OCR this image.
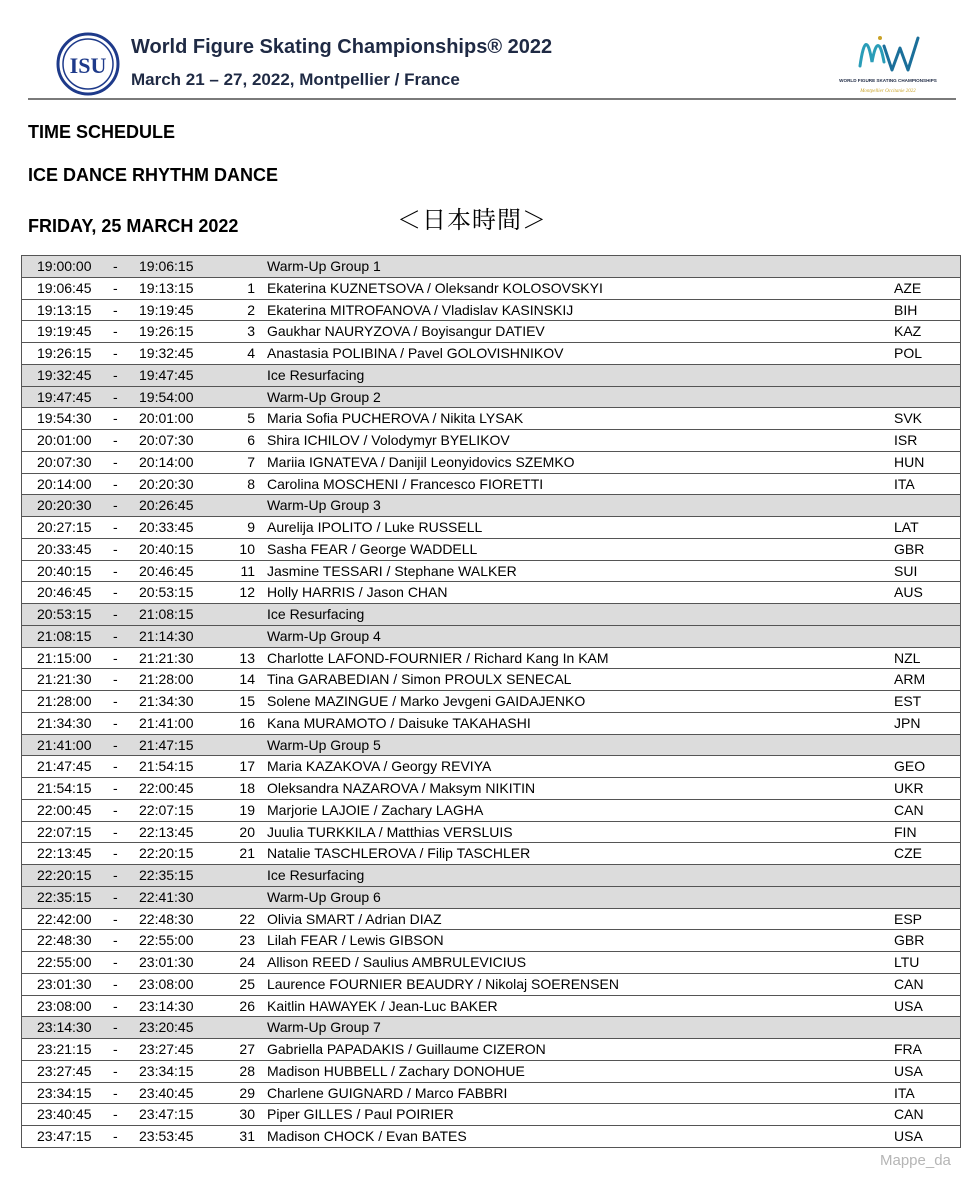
ISU
World Figure Skating Championships® 2022
March 21 – 27, 2022, Montpellier / France	WORLD FIGURE SKATING CHAMPIONSHIPS
Montpellier Occitanie 2022
TIME SCHEDULE
ICE DANCE RHYTHM DANCE
FRIDAY, 25 MARCH 2022	＜日本時間＞
19:00:00 - 19:06:15	Warm-Up Group 1
19:06:45 - 19:13:15	1 Ekaterina KUZNETSOVA / Oleksandr KOLOSOVSKYI	AZE
19:13:15 - 19:19:45	2 Ekaterina MITROFANOVA / Vladislav KASINSKIJ	BIH
19:19:45 - 19:26:15	3 Gaukhar NAURYZOVA / Boyisangur DATIEV	KAZ
19:26:15 - 19:32:45	4 Anastasia POLIBINA / Pavel GOLOVISHNIKOV	POL
19:32:45 - 19:47:45	Ice Resurfacing
19:47:45 - 19:54:00	Warm-Up Group 2
19:54:30 - 20:01:00	5 Maria Sofia PUCHEROVA / Nikita LYSAK	SVK
20:01:00 - 20:07:30	6 Shira ICHILOV / Volodymyr BYELIKOV	ISR
20:07:30 - 20:14:00	7 Mariia IGNATEVA / Danijil Leonyidovics SZEMKO	HUN
20:14:00 - 20:20:30	8 Carolina MOSCHENI / Francesco FIORETTI	ITA
20:20:30 - 20:26:45	Warm-Up Group 3
20:27:15 - 20:33:45	9 Aurelija IPOLITO / Luke RUSSELL	LAT
20:33:45 - 20:40:15	10 Sasha FEAR / George WADDELL	GBR
20:40:15 - 20:46:45	11 Jasmine TESSARI / Stephane WALKER	SUI
20:46:45 - 20:53:15	12 Holly HARRIS / Jason CHAN	AUS
20:53:15 - 21:08:15	Ice Resurfacing
21:08:15 - 21:14:30	Warm-Up Group 4
21:15:00 - 21:21:30	13 Charlotte LAFOND-FOURNIER / Richard Kang In KAM	NZL
21:21:30 - 21:28:00	14 Tina GARABEDIAN / Simon PROULX SENECAL	ARM
21:28:00 - 21:34:30	15 Solene MAZINGUE / Marko Jevgeni GAIDAJENKO	EST
21:34:30 - 21:41:00	16 Kana MURAMOTO / Daisuke TAKAHASHI	JPN
21:41:00 - 21:47:15	Warm-Up Group 5
21:47:45 - 21:54:15	17 Maria KAZAKOVA / Georgy REVIYA	GEO
21:54:15 - 22:00:45	18 Oleksandra NAZAROVA / Maksym NIKITIN	UKR
22:00:45 - 22:07:15	19 Marjorie LAJOIE / Zachary LAGHA	CAN
22:07:15 - 22:13:45	20 Juulia TURKKILA / Matthias VERSLUIS	FIN
22:13:45 - 22:20:15	21 Natalie TASCHLEROVA / Filip TASCHLER	CZE
22:20:15 - 22:35:15	Ice Resurfacing
22:35:15 - 22:41:30	Warm-Up Group 6
22:42:00 - 22:48:30	22 Olivia SMART / Adrian DIAZ	ESP
22:48:30 - 22:55:00	23 Lilah FEAR / Lewis GIBSON	GBR
22:55:00 - 23:01:30	24 Allison REED / Saulius AMBRULEVICIUS	LTU
23:01:30 - 23:08:00	25 Laurence FOURNIER BEAUDRY / Nikolaj SOERENSEN	CAN
23:08:00 - 23:14:30	26 Kaitlin HAWAYEK / Jean-Luc BAKER	USA
23:14:30 - 23:20:45	Warm-Up Group 7
23:21:15 - 23:27:45	27 Gabriella PAPADAKIS / Guillaume CIZERON	FRA
23:27:45 - 23:34:15	28 Madison HUBBELL / Zachary DONOHUE	USA
23:34:15 - 23:40:45	29 Charlene GUIGNARD / Marco FABBRI	ITA
23:40:45 - 23:47:15	30 Piper GILLES / Paul POIRIER	CAN
23:47:15 - 23:53:45	31 Madison CHOCK / Evan BATES	USA
Mappe_da
